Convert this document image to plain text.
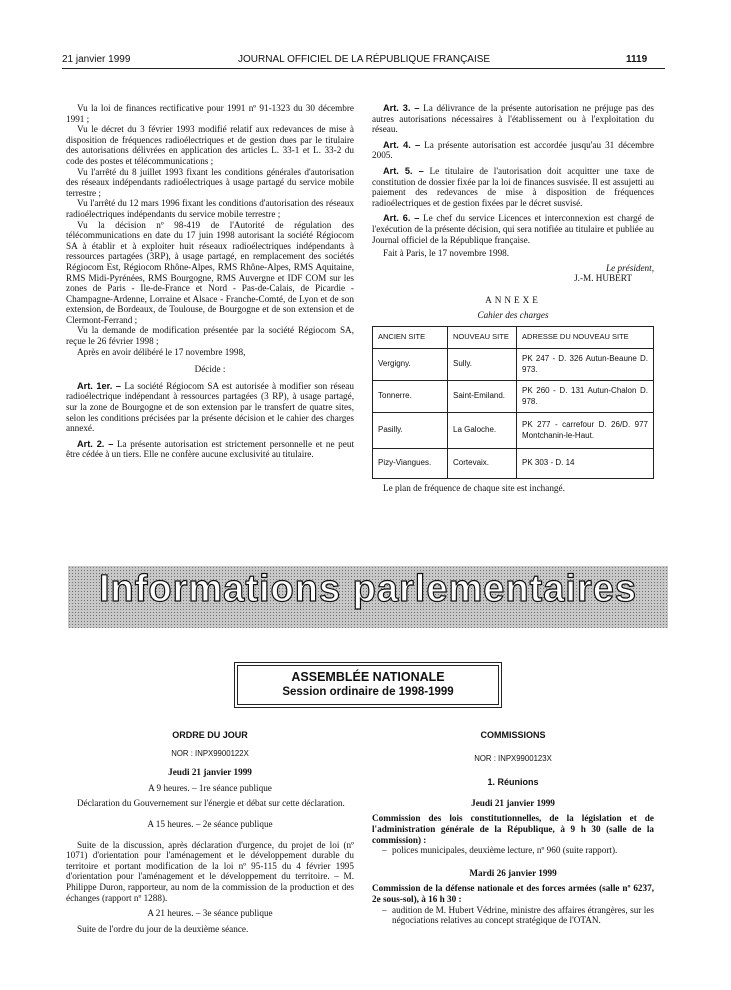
21 janvier 1999	JOURNAL OFFICIEL DE LA RÉPUBLIQUE FRANÇAISE	1119

Vu la loi de finances rectificative pour 1991 nº 91-1323 du 30 décembre 1991 ;

Vu le décret du 3 février 1993 modifié relatif aux redevances de mise à disposition de fréquences radioélectriques et de gestion dues par le titulaire des autorisations délivrées en application des articles L. 33-1 et L. 33-2 du code des postes et télécommunications ;

Vu l'arrêté du 8 juillet 1993 fixant les conditions générales d'autorisation des réseaux indépendants radioélectriques à usage partagé du service mobile terrestre ;

Vu l'arrêté du 12 mars 1996 fixant les conditions d'autorisation des réseaux radioélectriques indépendants du service mobile terrestre ;

Vu la décision nº 98-419 de l'Autorité de régulation des télécommunications en date du 17 juin 1998 autorisant la société Régiocom SA à établir et à exploiter huit réseaux radioélectriques indépendants à ressources partagées (3RP), à usage partagé, en remplacement des sociétés Régiocom Est, Régiocom Rhône-Alpes, RMS Rhône-Alpes, RMS Aquitaine, RMS Midi-Pyrénées, RMS Bourgogne, RMS Auvergne et IDF COM sur les zones de Paris - Ile-de-France et Nord - Pas-de-Calais, de Picardie - Champagne-Ardenne, Lorraine et Alsace - Franche-Comté, de Lyon et de son extension, de Bordeaux, de Toulouse, de Bourgogne et de son extension et de Clermont-Ferrand ;

Vu la demande de modification présentée par la société Régiocom SA, reçue le 26 février 1998 ;

Après en avoir délibéré le 17 novembre 1998,

Décide :

Art. 1er. – La société Régiocom SA est autorisée à modifier son réseau radioélectrique indépendant à ressources partagées (3 RP), à usage partagé, sur la zone de Bourgogne et de son extension par le transfert de quatre sites, selon les conditions précisées par la présente décision et le cahier des charges annexé.

Art. 2. – La présente autorisation est strictement personnelle et ne peut être cédée à un tiers. Elle ne confère aucune exclusivité au titulaire.

Art. 3. – La délivrance de la présente autorisation ne préjuge pas des autres autorisations nécessaires à l'établissement ou à l'exploitation du réseau.

Art. 4. – La présente autorisation est accordée jusqu'au 31 décembre 2005.

Art. 5. – Le titulaire de l'autorisation doit acquitter une taxe de constitution de dossier fixée par la loi de finances susvisée. Il est assujetti au paiement des redevances de mise à disposition de fréquences radioélectriques et de gestion fixées par le décret susvisé.

Art. 6. – Le chef du service Licences et interconnexion est chargé de l'exécution de la présente décision, qui sera notifiée au titulaire et publiée au Journal officiel de la République française.

Fait à Paris, le 17 novembre 1998.

Le président,

J.-M. HUBERT

ANNEXE

Cahier des charges

ANCIEN SITE	NOUVEAU SITE	ADRESSE DU NOUVEAU SITE
Vergigny.	Sully.	PK 247 - D. 326 Autun-Beaune D. 973.
Tonnerre.	Saint-Emiland.	PK 260 - D. 131 Autun-Chalon D. 978.
Pasilly.	La Galoche.	PK 277 - carrefour D. 26/D. 977 Montchanin-le-Haut.
Pizy-Viangues.	Cortevaix.	PK 303 - D. 14

Le plan de fréquence de chaque site est inchangé.

Informations parlementaires
ASSEMBLÉE NATIONALE
Session ordinaire de 1998-1999

ORDRE DU JOUR

NOR : INPX9900122X

Jeudi 21 janvier 1999

A 9 heures. – 1re séance publique

Déclaration du Gouvernement sur l'énergie et débat sur cette déclaration.

A 15 heures. – 2e séance publique

Suite de la discussion, après déclaration d'urgence, du projet de loi (nº 1071) d'orientation pour l'aménagement et le développement durable du territoire et portant modification de la loi nº 95-115 du 4 février 1995 d'orientation pour l'aménagement et le développement du territoire. – M. Philippe Duron, rapporteur, au nom de la commission de la production et des échanges (rapport nº 1288).

A 21 heures. – 3e séance publique

Suite de l'ordre du jour de la deuxième séance.

COMMISSIONS

NOR : INPX9900123X

1. Réunions

Jeudi 21 janvier 1999

Commission des lois constitutionnelles, de la législation et de l'administration générale de la République, à 9 h 30 (salle de la commission) :

– polices municipales, deuxième lecture, nº 960 (suite rapport).

Mardi 26 janvier 1999

Commission de la défense nationale et des forces armées (salle nº 6237, 2e sous-sol), à 16 h 30 :

– audition de M. Hubert Védrine, ministre des affaires étrangères, sur les négociations relatives au concept stratégique de l'OTAN.
